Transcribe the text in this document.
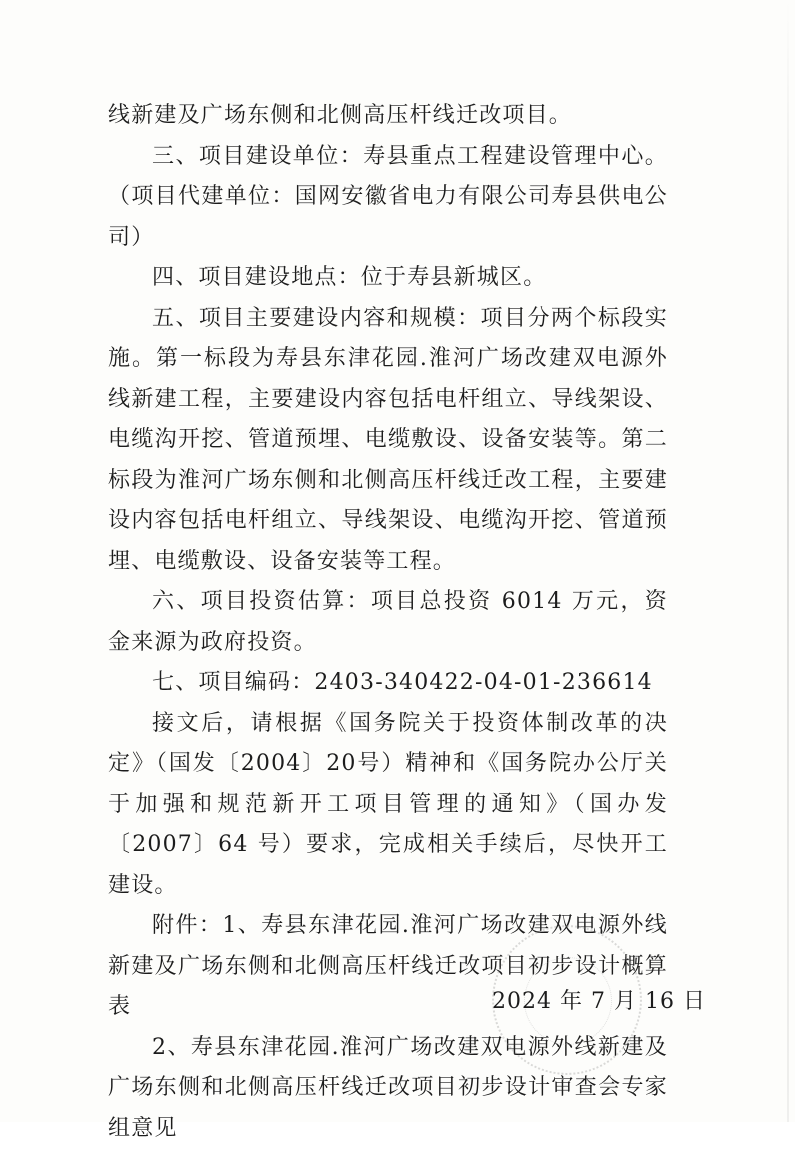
线新建及广场东侧和北侧高压杆线迁改项目。

三、项目建设单位：寿县重点工程建设管理中心。（项目代建单位：国网安徽省电力有限公司寿县供电公司）

四、项目建设地点：位于寿县新城区。

五、项目主要建设内容和规模：项目分两个标段实施。第一标段为寿县东津花园.淮河广场改建双电源外线新建工程，主要建设内容包括电杆组立、导线架设、电缆沟开挖、管道预埋、电缆敷设、设备安装等。第二标段为淮河广场东侧和北侧高压杆线迁改工程，主要建设内容包括电杆组立、导线架设、电缆沟开挖、管道预埋、电缆敷设、设备安装等工程。

六、项目投资估算：项目总投资 6014 万元，资金来源为政府投资。

七、项目编码：2403-340422-04-01-236614

接文后，请根据《国务院关于投资体制改革的决定》（国发〔2004〕20号）精神和《国务院办公厅关于加强和规范新开工项目管理的通知》（国办发〔2007〕64 号）要求，完成相关手续后，尽快开工建设。

附件：1、寿县东津花园.淮河广场改建双电源外线新建及广场东侧和北侧高压杆线迁改项目初步设计概算表

2、寿县东津花园.淮河广场改建双电源外线新建及广场东侧和北侧高压杆线迁改项目初步设计审查会专家组意见

2024 年 7 月 16 日
